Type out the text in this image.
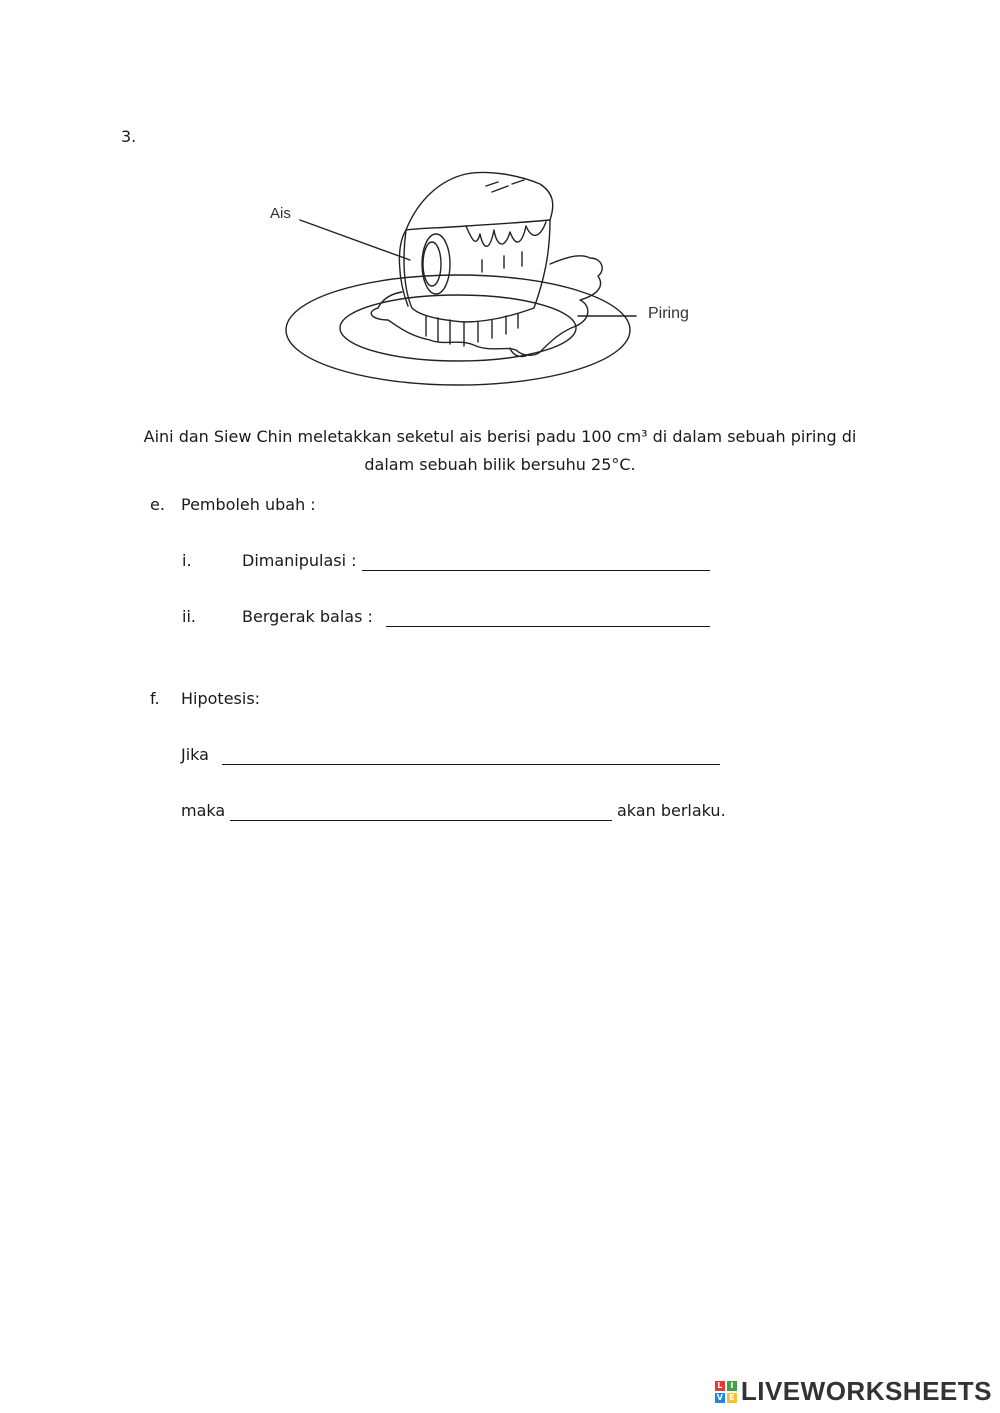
3.
Ais
Piring
Aini dan Siew Chin meletakkan seketul ais berisi padu 100 cm³ di dalam sebuah piring di
dalam sebuah bilik bersuhu 25°C.
e. Pemboleh ubah :
i.	Dimanipulasi :
ii.	Bergerak balas :
f. Hipotesis:
Jika
maka	akan berlaku.
L I
V E LIVEWORKSHEETS
